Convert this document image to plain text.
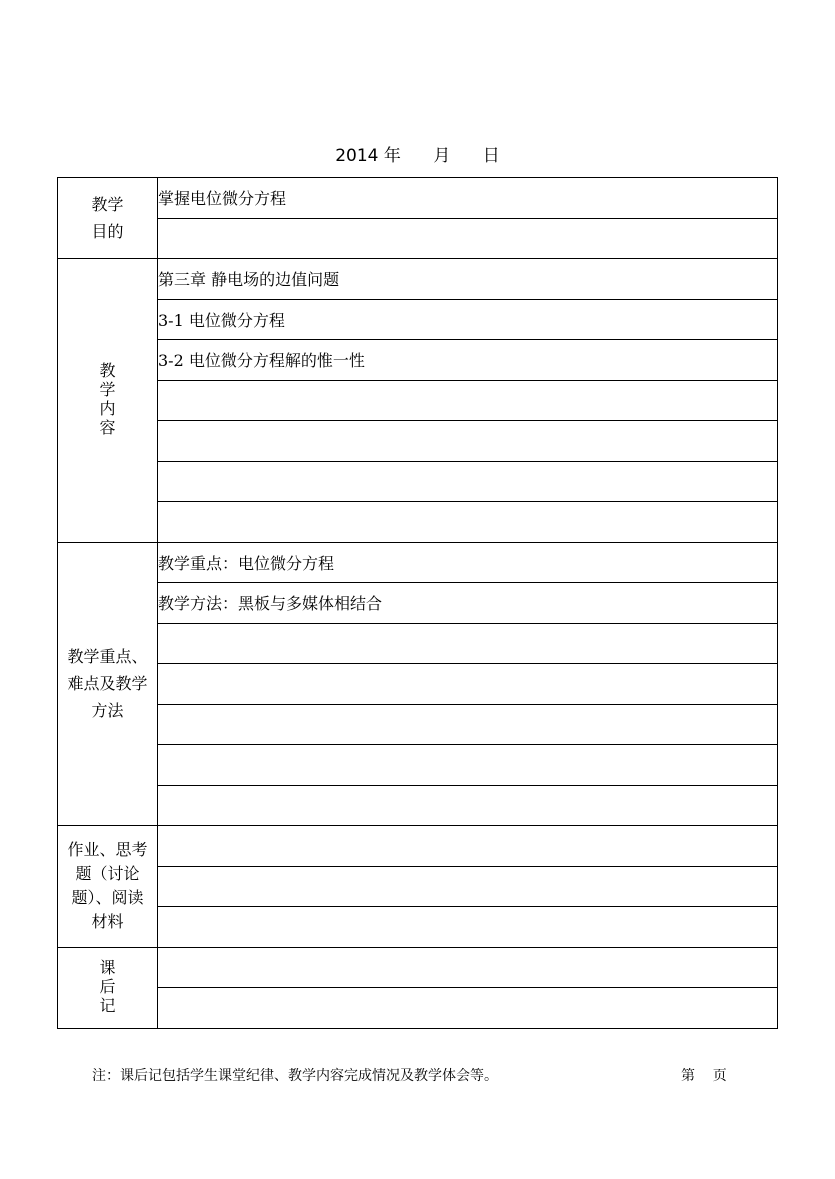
2014 年      月      日
教学目的	掌握电位微分方程

教学内容	第三章 静电场的边值问题
	3-1 电位微分方程
	3-2 电位微分方程解的惟一性

教学重点、难点及教学方法	教学重点：电位微分方程
	教学方法：黑板与多媒体相结合

作业、思考题（讨论题）、阅读材料	

课后记	

注：课后记包括学生课堂纪律、教学内容完成情况及教学体会等。	第    页
